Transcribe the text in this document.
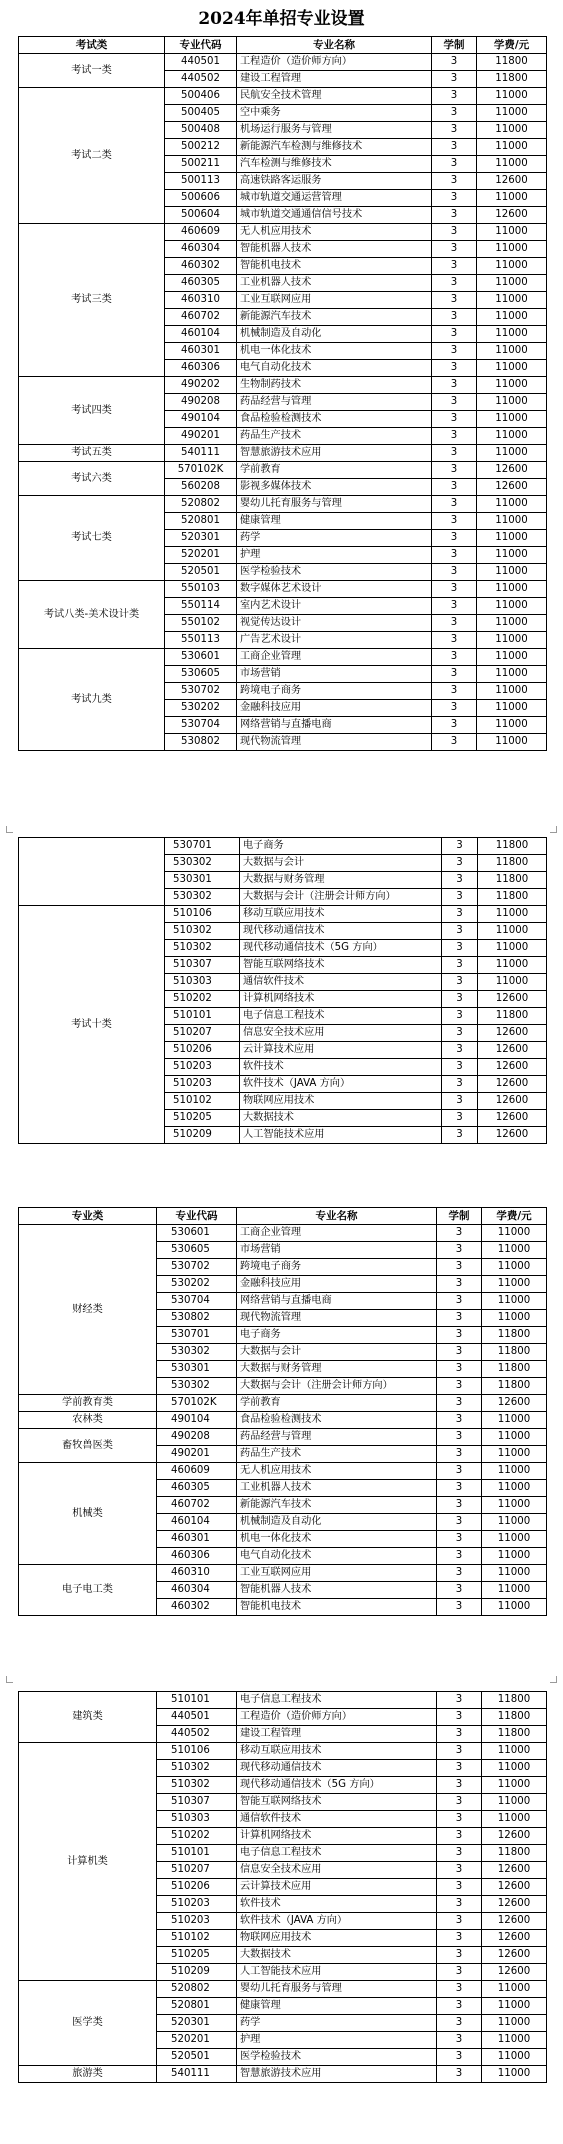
2024年单招专业设置
考试类	专业代码	专业名称	学制	学费/元
考试一类	440501	工程造价（造价师方向）	3	11800
	440502	建设工程管理	3	11800
考试二类	500406	民航安全技术管理	3	11000
	500405	空中乘务	3	11000
	500408	机场运行服务与管理	3	11000
	500212	新能源汽车检测与维修技术	3	11000
	500211	汽车检测与维修技术	3	11000
	500113	高速铁路客运服务	3	12600
	500606	城市轨道交通运营管理	3	11000
	500604	城市轨道交通通信信号技术	3	12600
考试三类	460609	无人机应用技术	3	11000
	460304	智能机器人技术	3	11000
	460302	智能机电技术	3	11000
	460305	工业机器人技术	3	11000
	460310	工业互联网应用	3	11000
	460702	新能源汽车技术	3	11000
	460104	机械制造及自动化	3	11000
	460301	机电一体化技术	3	11000
	460306	电气自动化技术	3	11000
考试四类	490202	生物制药技术	3	11000
	490208	药品经营与管理	3	11000
	490104	食品检验检测技术	3	11000
	490201	药品生产技术	3	11000
考试五类	540111	智慧旅游技术应用	3	11000
考试六类	570102K	学前教育	3	12600
	560208	影视多媒体技术	3	12600
考试七类	520802	婴幼儿托育服务与管理	3	11000
	520801	健康管理	3	11000
	520301	药学	3	11000
	520201	护理	3	11000
	520501	医学检验技术	3	11000
考试八类-美术设计类	550103	数字媒体艺术设计	3	11000
	550114	室内艺术设计	3	11000
	550102	视觉传达设计	3	11000
	550113	广告艺术设计	3	11000
考试九类	530601	工商企业管理	3	11000
	530605	市场营销	3	11000
	530702	跨境电子商务	3	11000
	530202	金融科技应用	3	11000
	530704	网络营销与直播电商	3	11000
	530802	现代物流管理	3	11000
	530701	电子商务	3	11800
	530302	大数据与会计	3	11800
	530301	大数据与财务管理	3	11800
	530302	大数据与会计（注册会计师方向）	3	11800
考试十类	510106	移动互联应用技术	3	11000
	510302	现代移动通信技术	3	11000
	510302	现代移动通信技术（5G 方向）	3	11000
	510307	智能互联网络技术	3	11000
	510303	通信软件技术	3	11000
	510202	计算机网络技术	3	12600
	510101	电子信息工程技术	3	11800
	510207	信息安全技术应用	3	12600
	510206	云计算技术应用	3	12600
	510203	软件技术	3	12600
	510203	软件技术（JAVA 方向）	3	12600
	510102	物联网应用技术	3	12600
	510205	大数据技术	3	12600
	510209	人工智能技术应用	3	12600
专业类	专业代码	专业名称	学制	学费/元
财经类	530601	工商企业管理	3	11000
	530605	市场营销	3	11000
	530702	跨境电子商务	3	11000
	530202	金融科技应用	3	11000
	530704	网络营销与直播电商	3	11000
	530802	现代物流管理	3	11000
	530701	电子商务	3	11800
	530302	大数据与会计	3	11800
	530301	大数据与财务管理	3	11800
	530302	大数据与会计（注册会计师方向）	3	11800
学前教育类	570102K	学前教育	3	12600
农林类	490104	食品检验检测技术	3	11000
畜牧兽医类	490208	药品经营与管理	3	11000
	490201	药品生产技术	3	11000
机械类	460609	无人机应用技术	3	11000
	460305	工业机器人技术	3	11000
	460702	新能源汽车技术	3	11000
	460104	机械制造及自动化	3	11000
	460301	机电一体化技术	3	11000
	460306	电气自动化技术	3	11000
电子电工类	460310	工业互联网应用	3	11000
	460304	智能机器人技术	3	11000
	460302	智能机电技术	3	11000
建筑类	510101	电子信息工程技术	3	11800
	440501	工程造价（造价师方向）	3	11800
	440502	建设工程管理	3	11800
计算机类	510106	移动互联应用技术	3	11000
	510302	现代移动通信技术	3	11000
	510302	现代移动通信技术（5G 方向）	3	11000
	510307	智能互联网络技术	3	11000
	510303	通信软件技术	3	11000
	510202	计算机网络技术	3	12600
	510101	电子信息工程技术	3	11800
	510207	信息安全技术应用	3	12600
	510206	云计算技术应用	3	12600
	510203	软件技术	3	12600
	510203	软件技术（JAVA 方向）	3	12600
	510102	物联网应用技术	3	12600
	510205	大数据技术	3	12600
	510209	人工智能技术应用	3	12600
医学类	520802	婴幼儿托育服务与管理	3	11000
	520801	健康管理	3	11000
	520301	药学	3	11000
	520201	护理	3	11000
	520501	医学检验技术	3	11000
旅游类	540111	智慧旅游技术应用	3	11000
